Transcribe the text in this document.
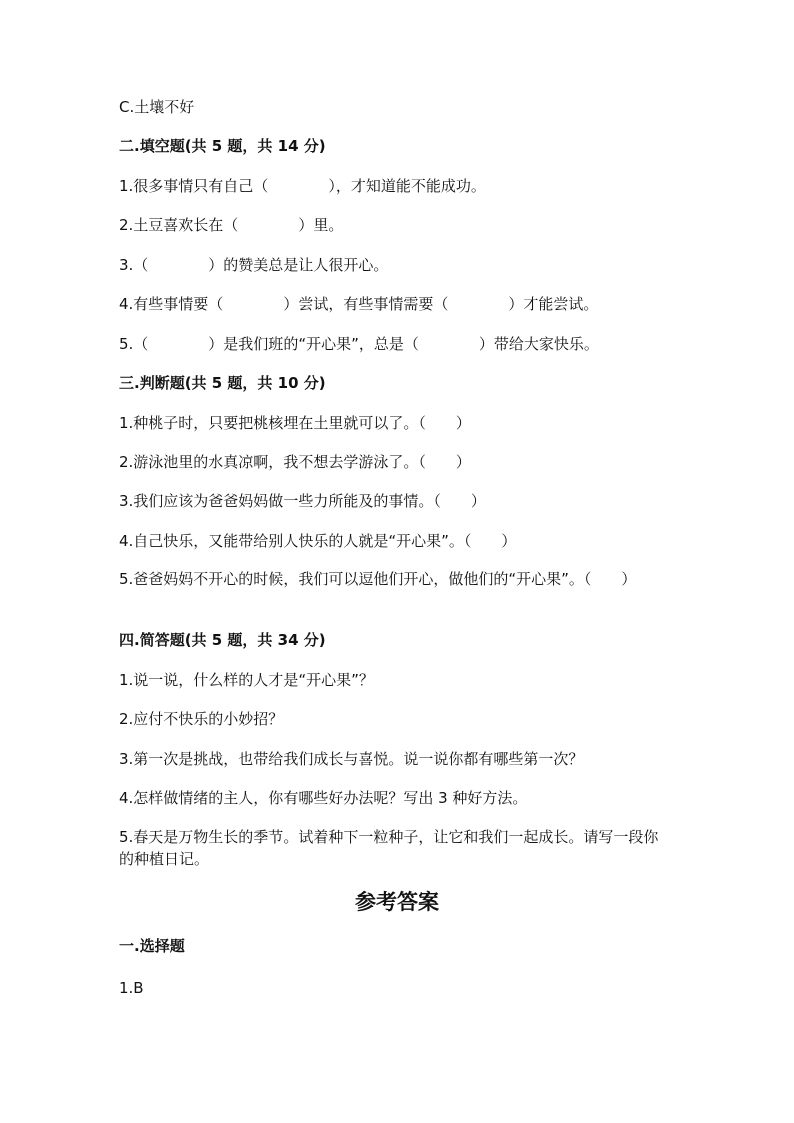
C.土壤不好
二.填空题(共 5 题，共 14 分)
1.很多事情只有自己（　　　　），才知道能不能成功。
2.土豆喜欢长在（　　　　）里。
3.（　　　　）的赞美总是让人很开心。
4.有些事情要（　　　　）尝试，有些事情需要（　　　　）才能尝试。
5.（　　　　）是我们班的“开心果”，总是（　　　　）带给大家快乐。
三.判断题(共 5 题，共 10 分)
1.种桃子时，只要把桃核埋在土里就可以了。（　　）
2.游泳池里的水真凉啊，我不想去学游泳了。（　　）
3.我们应该为爸爸妈妈做一些力所能及的事情。（　　）
4.自己快乐，又能带给别人快乐的人就是“开心果”。（　　）
5.爸爸妈妈不开心的时候，我们可以逗他们开心，做他们的“开心果”。（　　）
四.简答题(共 5 题，共 34 分)
1.说一说，什么样的人才是“开心果”？
2.应付不快乐的小妙招？
3.第一次是挑战，也带给我们成长与喜悦。说一说你都有哪些第一次？
4.怎样做情绪的主人，你有哪些好办法呢？写出 3 种好方法。
5.春天是万物生长的季节。试着种下一粒种子，让它和我们一起成长。请写一段你的种植日记。
参考答案
一.选择题
1.B
